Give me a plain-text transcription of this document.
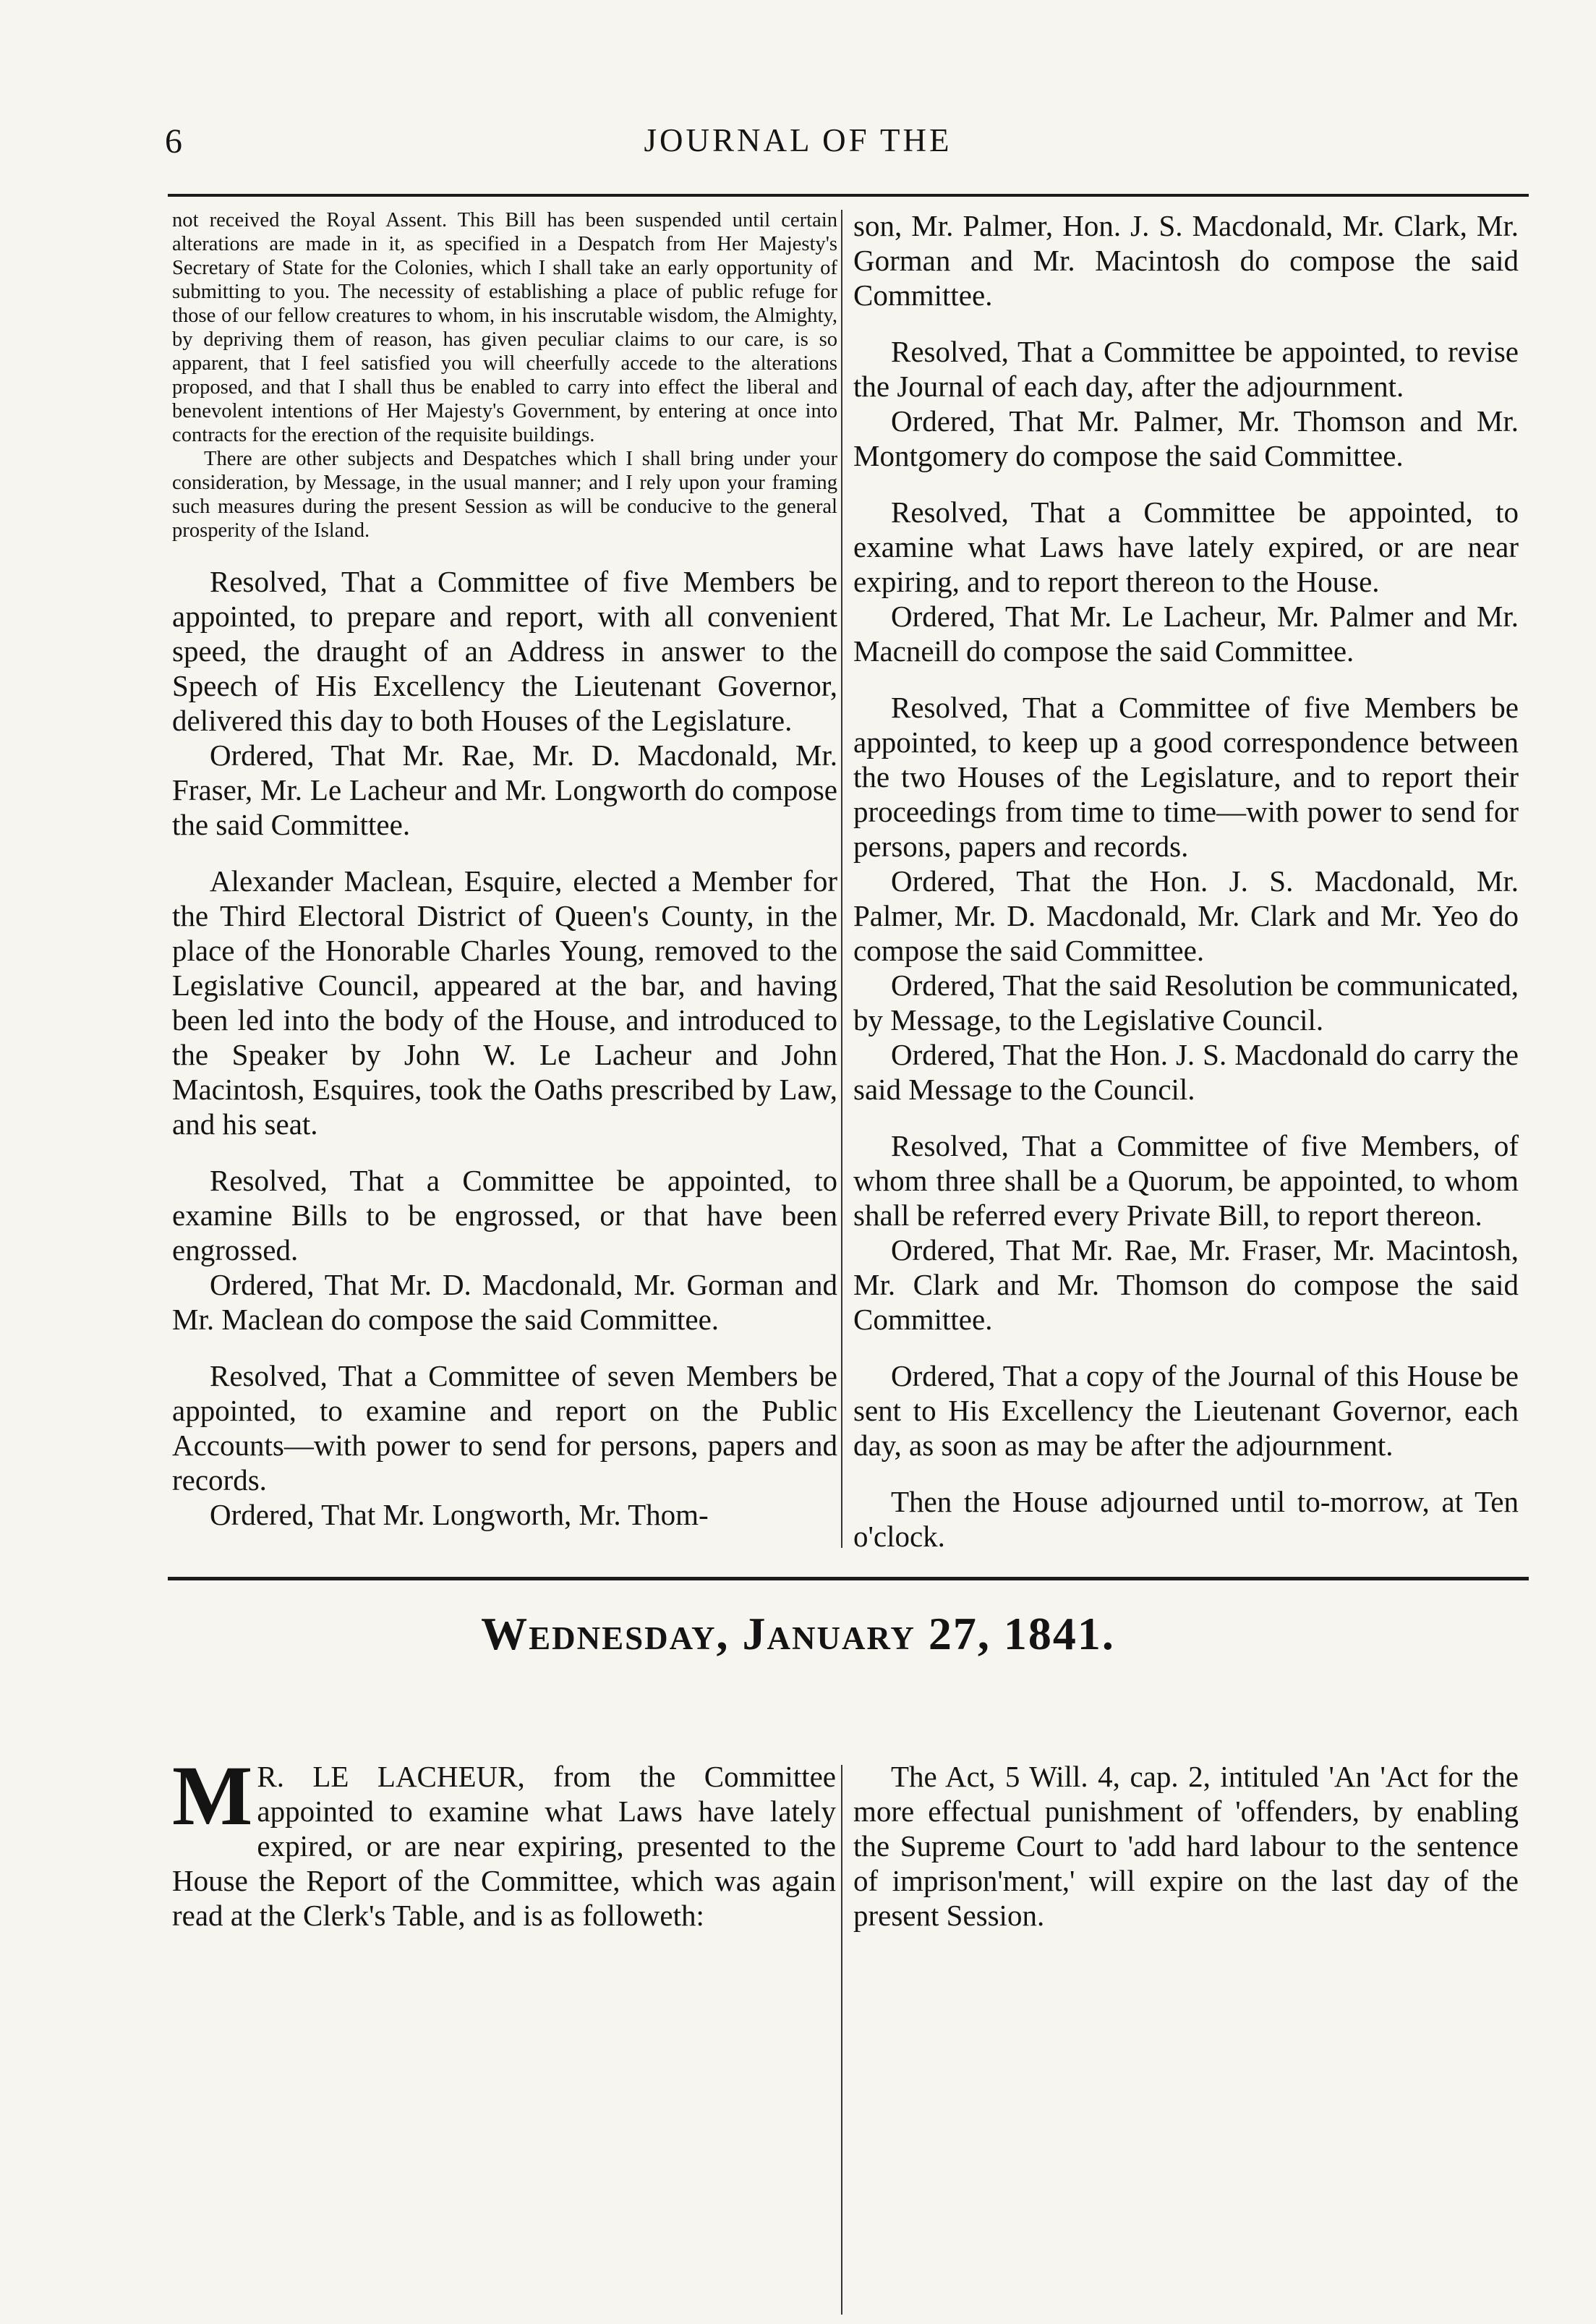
6	JOURNAL OF THE

not received the Royal Assent. This Bill has been suspended until certain alterations are made in it, as specified in a Despatch from Her Majesty's Secretary of State for the Colonies, which I shall take an early opportunity of submitting to you. The necessity of establishing a place of public refuge for those of our fellow creatures to whom, in his inscrutable wisdom, the Almighty, by depriving them of reason, has given peculiar claims to our care, is so apparent, that I feel satisfied you will cheerfully accede to the alterations proposed, and that I shall thus be enabled to carry into effect the liberal and benevolent intentions of Her Majesty's Government, by entering at once into contracts for the erection of the requisite buildings.

There are other subjects and Despatches which I shall bring under your consideration, by Message, in the usual manner; and I rely upon your framing such measures during the present Session as will be conducive to the general prosperity of the Island.

Resolved, That a Committee of five Members be appointed, to prepare and report, with all convenient speed, the draught of an Address in answer to the Speech of His Excellency the Lieutenant Governor, delivered this day to both Houses of the Legislature.

Ordered, That Mr. Rae, Mr. D. Macdonald, Mr. Fraser, Mr. Le Lacheur and Mr. Longworth do compose the said Committee.

Alexander Maclean, Esquire, elected a Member for the Third Electoral District of Queen's County, in the place of the Honorable Charles Young, removed to the Legislative Council, appeared at the bar, and having been led into the body of the House, and introduced to the Speaker by John W. Le Lacheur and John Macintosh, Esquires, took the Oaths prescribed by Law, and his seat.

Resolved, That a Committee be appointed, to examine Bills to be engrossed, or that have been engrossed.

Ordered, That Mr. D. Macdonald, Mr. Gorman and Mr. Maclean do compose the said Committee.

Resolved, That a Committee of seven Members be appointed, to examine and report on the Public Accounts—with power to send for persons, papers and records.

Ordered, That Mr. Longworth, Mr. Thom-

son, Mr. Palmer, Hon. J. S. Macdonald, Mr. Clark, Mr. Gorman and Mr. Macintosh do compose the said Committee.

Resolved, That a Committee be appointed, to revise the Journal of each day, after the adjournment.

Ordered, That Mr. Palmer, Mr. Thomson and Mr. Montgomery do compose the said Committee.

Resolved, That a Committee be appointed, to examine what Laws have lately expired, or are near expiring, and to report thereon to the House.

Ordered, That Mr. Le Lacheur, Mr. Palmer and Mr. Macneill do compose the said Committee.

Resolved, That a Committee of five Members be appointed, to keep up a good correspondence between the two Houses of the Legislature, and to report their proceedings from time to time—with power to send for persons, papers and records.

Ordered, That the Hon. J. S. Macdonald, Mr. Palmer, Mr. D. Macdonald, Mr. Clark and Mr. Yeo do compose the said Committee.

Ordered, That the said Resolution be communicated, by Message, to the Legislative Council.

Ordered, That the Hon. J. S. Macdonald do carry the said Message to the Council.

Resolved, That a Committee of five Members, of whom three shall be a Quorum, be appointed, to whom shall be referred every Private Bill, to report thereon.

Ordered, That Mr. Rae, Mr. Fraser, Mr. Macintosh, Mr. Clark and Mr. Thomson do compose the said Committee.

Ordered, That a copy of the Journal of this House be sent to His Excellency the Lieutenant Governor, each day, as soon as may be after the adjournment.

Then the House adjourned until to-morrow, at Ten o'clock.

Wednesday, January 27, 1841.
M R. LE LACHEUR, from the Committee appointed to examine what Laws have lately expired, or are near expiring, presented to the House the Report of the Committee, which was again read at the Clerk's Table, and is as followeth:

The Act, 5 Will. 4, cap. 2, intituled 'An 'Act for the more effectual punishment of 'offenders, by enabling the Supreme Court to 'add hard labour to the sentence of imprison'ment,' will expire on the last day of the present Session.
